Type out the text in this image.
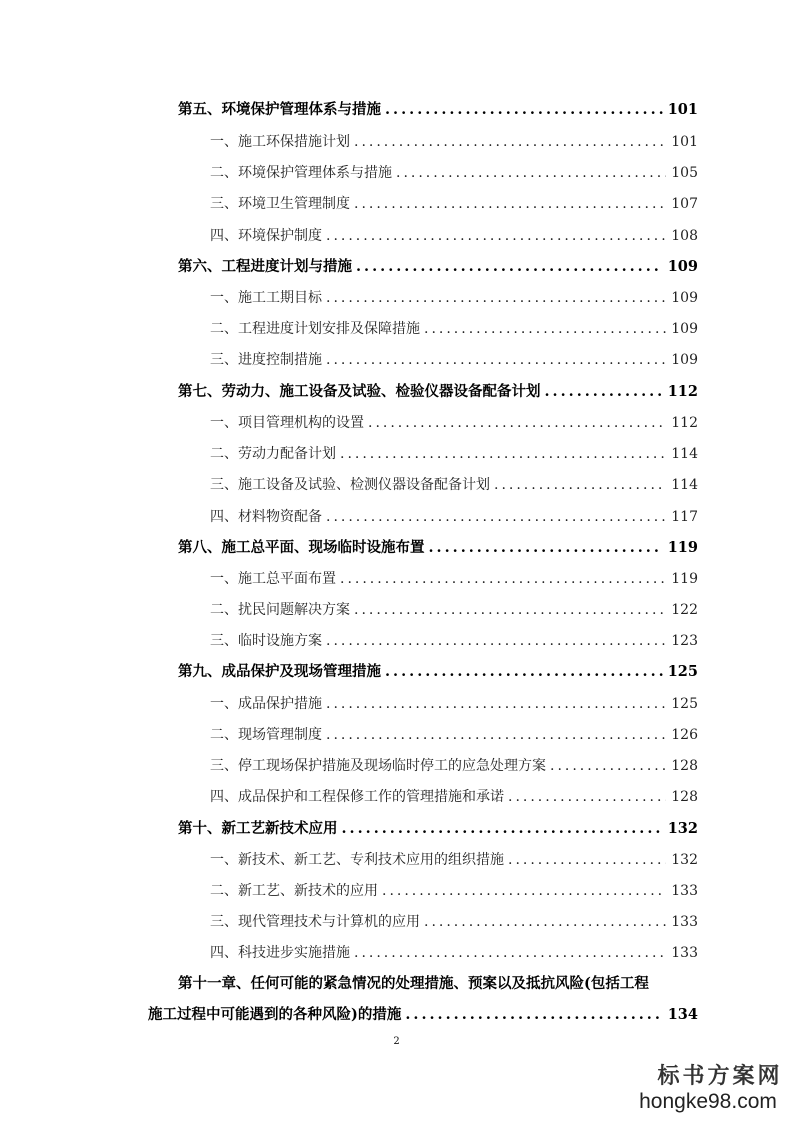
第五、环境保护管理体系与措施 .....	101
一、施工环保措施计划 .....	101
二、环境保护管理体系与措施 .....	105
三、环境卫生管理制度 .....	107
四、环境保护制度 .....	108
第六、工程进度计划与措施 .....	109
一、施工工期目标 .....	109
二、工程进度计划安排及保障措施 .....	109
三、进度控制措施 .....	109
第七、劳动力、施工设备及试验、检验仪器设备配备计划 .....	112
一、项目管理机构的设置 .....	112
二、劳动力配备计划 .....	114
三、施工设备及试验、检测仪器设备配备计划 .....	114
四、材料物资配备 .....	117
第八、施工总平面、现场临时设施布置 .....	119
一、施工总平面布置 .....	119
二、扰民问题解决方案 .....	122
三、临时设施方案 .....	123
第九、成品保护及现场管理措施 .....	125
一、成品保护措施 .....	125
二、现场管理制度 .....	126
三、停工现场保护措施及现场临时停工的应急处理方案 .....	128
四、成品保护和工程保修工作的管理措施和承诺 .....	128
第十、新工艺新技术应用 .....	132
一、新技术、新工艺、专利技术应用的组织措施 .....	132
二、新工艺、新技术的应用 .....	133
三、现代管理技术与计算机的应用 .....	133
四、科技进步实施措施 .....	133
第十一章、任何可能的紧急情况的处理措施、预案以及抵抗风险(包括工程
施工过程中可能遇到的各种风险)的措施 .....	134
2
标书方案网
hongke98.com
